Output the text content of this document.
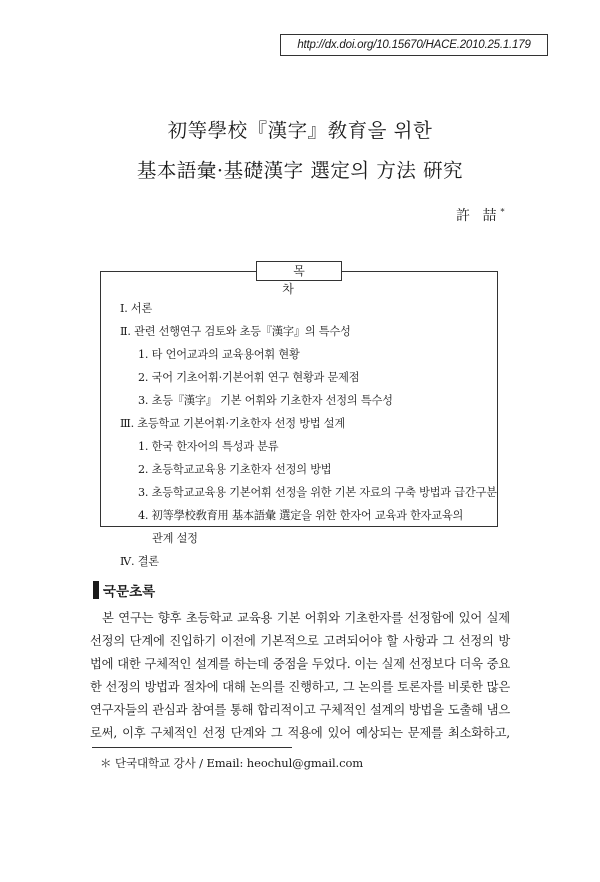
http://dx.doi.org/10.15670/HACE.2010.25.1.179
初等學校『漢字』敎育을 위한
基本語彙·基礎漢字 選定의 方法 硏究
許 喆*
목 차
Ⅰ. 서론
Ⅱ. 관련 선행연구 검토와 초등『漢字』의 특수성
1. 타 언어교과의 교육용어휘 현황
2. 국어 기초어휘·기본어휘 연구 현황과 문제점
3. 초등『漢字』 기본 어휘와 기초한자 선정의 특수성
Ⅲ. 초등학교 기본어휘·기초한자 선정 방법 설계
1. 한국 한자어의 특성과 분류
2. 초등학교교육용 기초한자 선정의 방법
3. 초등학교교육용 기본어휘 선정을 위한 기본 자료의 구축 방법과 급간구분
4. 初等學校敎育用 基本語彙 選定을 위한 한자어 교육과 한자교육의
관계 설정
Ⅳ. 결론
국문초록
본 연구는 향후 초등학교 교육용 기본 어휘와 기초한자를 선정함에 있어 실제
선정의 단계에 진입하기 이전에 기본적으로 고려되어야 할 사항과 그 선정의 방
법에 대한 구체적인 설계를 하는데 중점을 두었다. 이는 실제 선정보다 더욱 중요
한 선정의 방법과 절차에 대해 논의를 진행하고, 그 논의를 토론자를 비롯한 많은
연구자들의 관심과 참여를 통해 합리적이고 구체적인 설계의 방법을 도출해 냄으
로써, 이후 구체적인 선정 단계와 그 적용에 있어 예상되는 문제를 최소화하고,
＊ 단국대학교 강사 / Email: heochul@gmail.com
